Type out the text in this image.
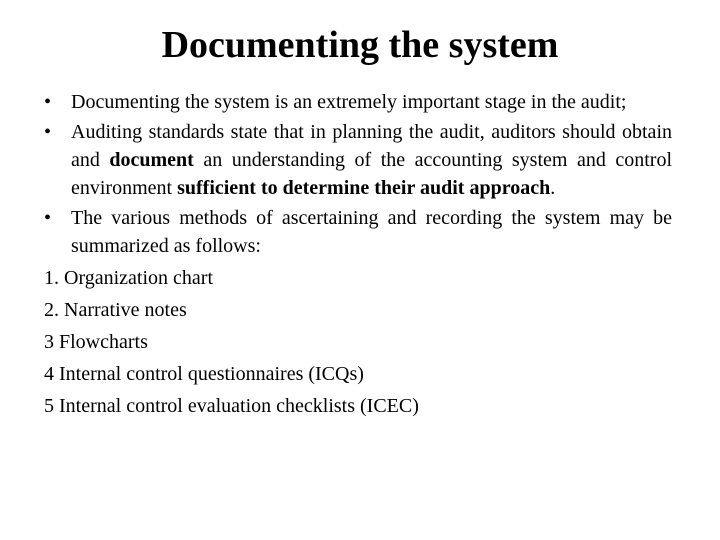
Documenting the system
• Documenting the system is an extremely important stage in the audit;
• Auditing standards state that in planning the audit, auditors should obtain and document an understanding of the accounting system and control environment sufficient to determine their audit approach.
• The various methods of ascertaining and recording the system may be summarized as follows:
1. Organization chart
2. Narrative notes
3 Flowcharts
4 Internal control questionnaires (ICQs)
5 Internal control evaluation checklists (ICEC)
